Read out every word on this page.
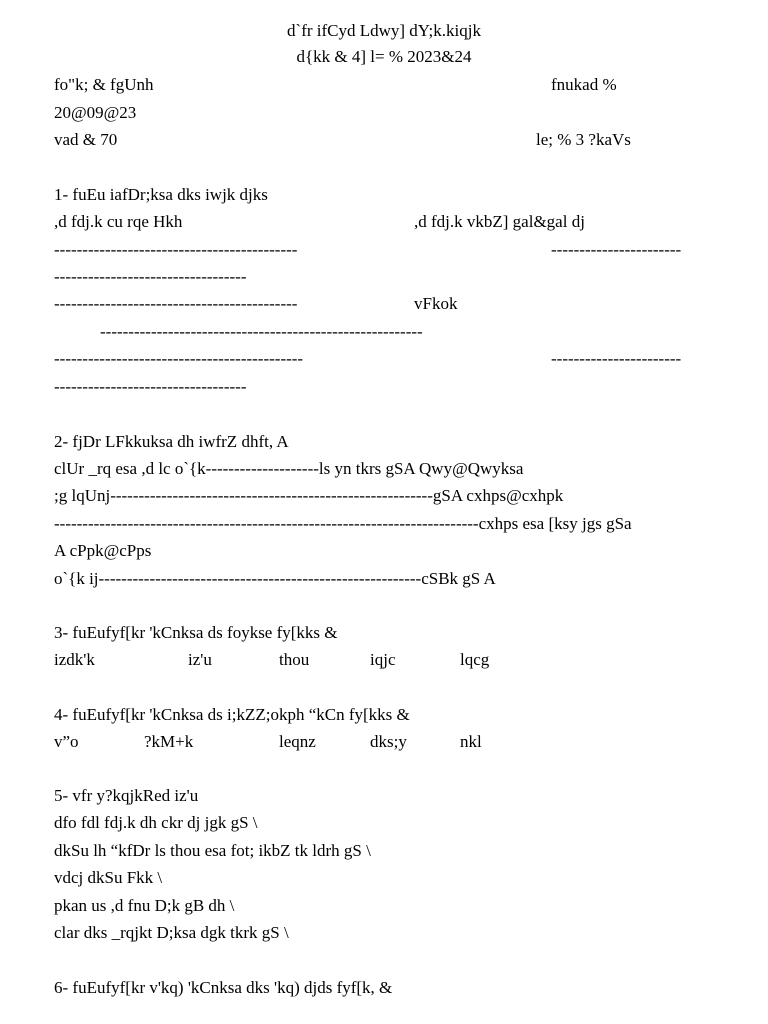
d`fr ifCyd Ldwy] dY;k.kiqjk
d{kk & 4] l= % 2023&24
fo"k; & fgUnh	fnukad %
20@09@23
vad & 70	le; % 3 ?kaVs
1- fuEu iafDr;ksa dks iwjk djks
,d fdj.k cu rqe Hkh	,d fdj.k vkbZ] gal&gal dj
-------------------------------------------	-----------------------
----------------------------------
-------------------------------------------	vFkok
---------------------------------------------------------
--------------------------------------------	-----------------------
----------------------------------
2- fjDr LFkkuksa dh iwfrZ dhft, A
clUr _rq esa ,d lc o`{k--------------------ls yn tkrs gSA Qwy@Qwyksa
;g lqUnj---------------------------------------------------------gSA cxhps@cxhpk
---------------------------------------------------------------------------cxhps esa [ksy jgs gSa
A cPpk@cPps
o`{k ij---------------------------------------------------------cSBk gS A
3- fuEufyf[kr 'kCnksa ds foykse fy[kks &
izdk'k	iz'u	thou	iqjc	lqcg
4- fuEufyf[kr 'kCnksa ds i;kZZ;okph “kCn fy[kks &
v”o	?kM+k	leqnz	dks;y	nkl
5- vfr y?kqjkRed iz'u
dfo fdl fdj.k dh ckr dj jgk gS \
dkSu lh “kfDr ls thou esa fot; ikbZ tk ldrh gS \
vdcj dkSu Fkk \
pkan us ,d fnu D;k gB dh \
clar dks _rqjkt D;ksa dgk tkrk gS \
6- fuEufyf[kr v'kq) 'kCnksa dks 'kq) djds fyf[k, &
